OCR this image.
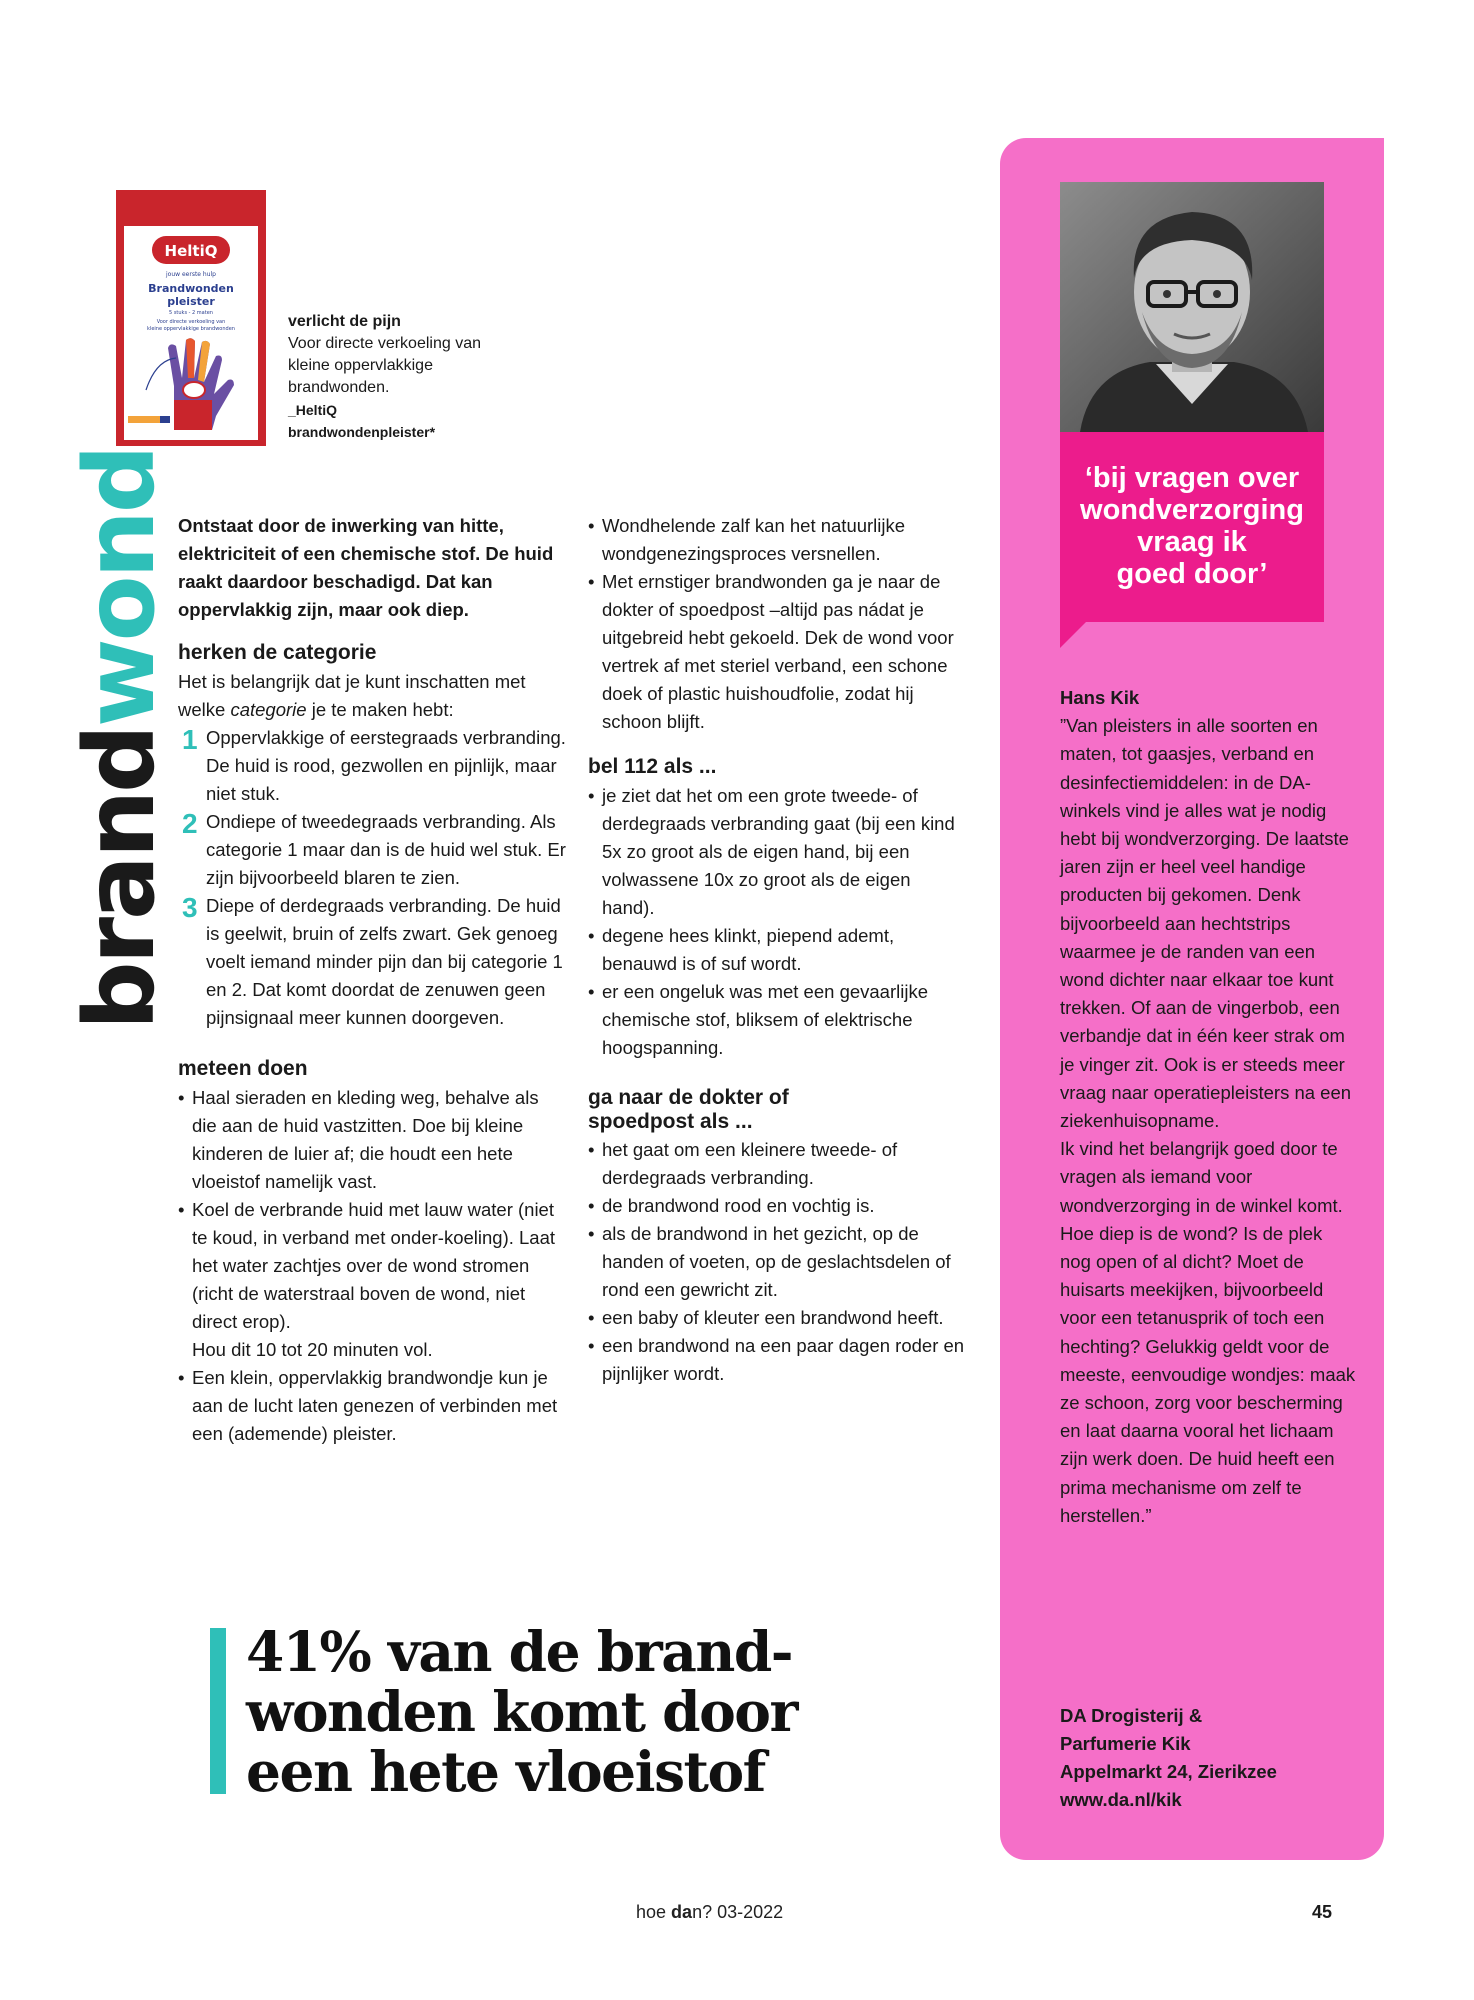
HeltiQ
jouw eerste hulp
Brandwonden
pleister
5 stuks - 2 maten
Voor directe verkoeling van
kleine oppervlakkige brandwonden	verlicht de pijn
Voor directe verkoeling van kleine oppervlakkige brandwonden.
_HeltiQ
brandwondenpleister*
brandwond Ontstaat door de inwerking van hitte, elektriciteit of een chemische stof. De huid raakt daardoor beschadigd. Dat kan oppervlakkig zijn, maar ook diep.

herken de categorie

Het is belangrijk dat je kunt inschatten met welke categorie je te maken hebt:

1 Oppervlakkige of eerstegraads verbranding. De huid is rood, gezwollen en pijnlijk, maar niet stuk.
2 Ondiepe of tweedegraads verbranding. Als categorie 1 maar dan is de huid wel stuk. Er zijn bijvoorbeeld blaren te zien.
3 Diepe of derdegraads verbranding. De huid is geelwit, bruin of zelfs zwart. Gek genoeg voelt iemand minder pijn dan bij categorie 1 en 2. Dat komt doordat de zenuwen geen pijnsignaal meer kunnen doorgeven.
meteen doen
• Haal sieraden en kleding weg, behalve als die aan de huid vastzitten. Doe bij kleine kinderen de luier af; die houdt een hete vloeistof namelijk vast.
• Koel de verbrande huid met lauw water (niet te koud, in verband met onder-koeling). Laat het water zachtjes over de wond stromen (richt de waterstraal boven de wond, niet direct erop).
Hou dit 10 tot 20 minuten vol.
• Een klein, oppervlakkig brandwondje kun je aan de lucht laten genezen of verbinden met een (ademende) pleister.
• Wondhelende zalf kan het natuurlijke wondgenezingsproces versnellen.
• Met ernstiger brandwonden ga je naar de dokter of spoedpost –altijd pas nádat je uitgebreid hebt gekoeld. Dek de wond voor vertrek af met steriel verband, een schone doek of plastic huishoudfolie, zodat hij schoon blijft.
bel 112 als ...
• je ziet dat het om een grote tweede- of derdegraads verbranding gaat (bij een kind 5x zo groot als de eigen hand, bij een volwassene 10x zo groot als de eigen hand).
• degene hees klinkt, piepend ademt, benauwd is of suf wordt.
• er een ongeluk was met een gevaarlijke chemische stof, bliksem of elektrische hoogspanning.
ga naar de dokter of
spoedpost als ...
• het gaat om een kleinere tweede- of derdegraads verbranding.
• de brandwond rood en vochtig is.
• als de brandwond in het gezicht, op de handen of voeten, op de geslachtsdelen of rond een gewricht zit.
• een baby of kleuter een brandwond heeft.
• een brandwond na een paar dagen roder en pijnlijker wordt.
41% van de brand-
wonden komt door
een hete vloeistof
‘bij vragen over
wondverzorging
vraag ik
goed door’
Hans Kik

”Van pleisters in alle soorten en maten, tot gaasjes, verband en desinfectiemiddelen: in de DA-winkels vind je alles wat je nodig hebt bij wondverzorging. De laatste jaren zijn er heel veel handige producten bij gekomen. Denk bijvoorbeeld aan hechtstrips waarmee je de randen van een wond dichter naar elkaar toe kunt trekken. Of aan de vingerbob, een verbandje dat in één keer strak om je vinger zit. Ook is er steeds meer vraag naar operatiepleisters na een ziekenhuisopname.

Ik vind het belangrijk goed door te vragen als iemand voor wondverzorging in de winkel komt. Hoe diep is de wond? Is de plek nog open of al dicht? Moet de huisarts meekijken, bijvoorbeeld voor een tetanusprik of toch een hechting? Gelukkig geldt voor de meeste, eenvoudige wondjes: maak ze schoon, zorg voor bescherming en laat daarna vooral het lichaam zijn werk doen. De huid heeft een prima mechanisme om zelf te herstellen.”

DA Drogisterij &
Parfumerie Kik
Appelmarkt 24, Zierikzee
www.da.nl/kik
hoe dan? 03-2022	45
